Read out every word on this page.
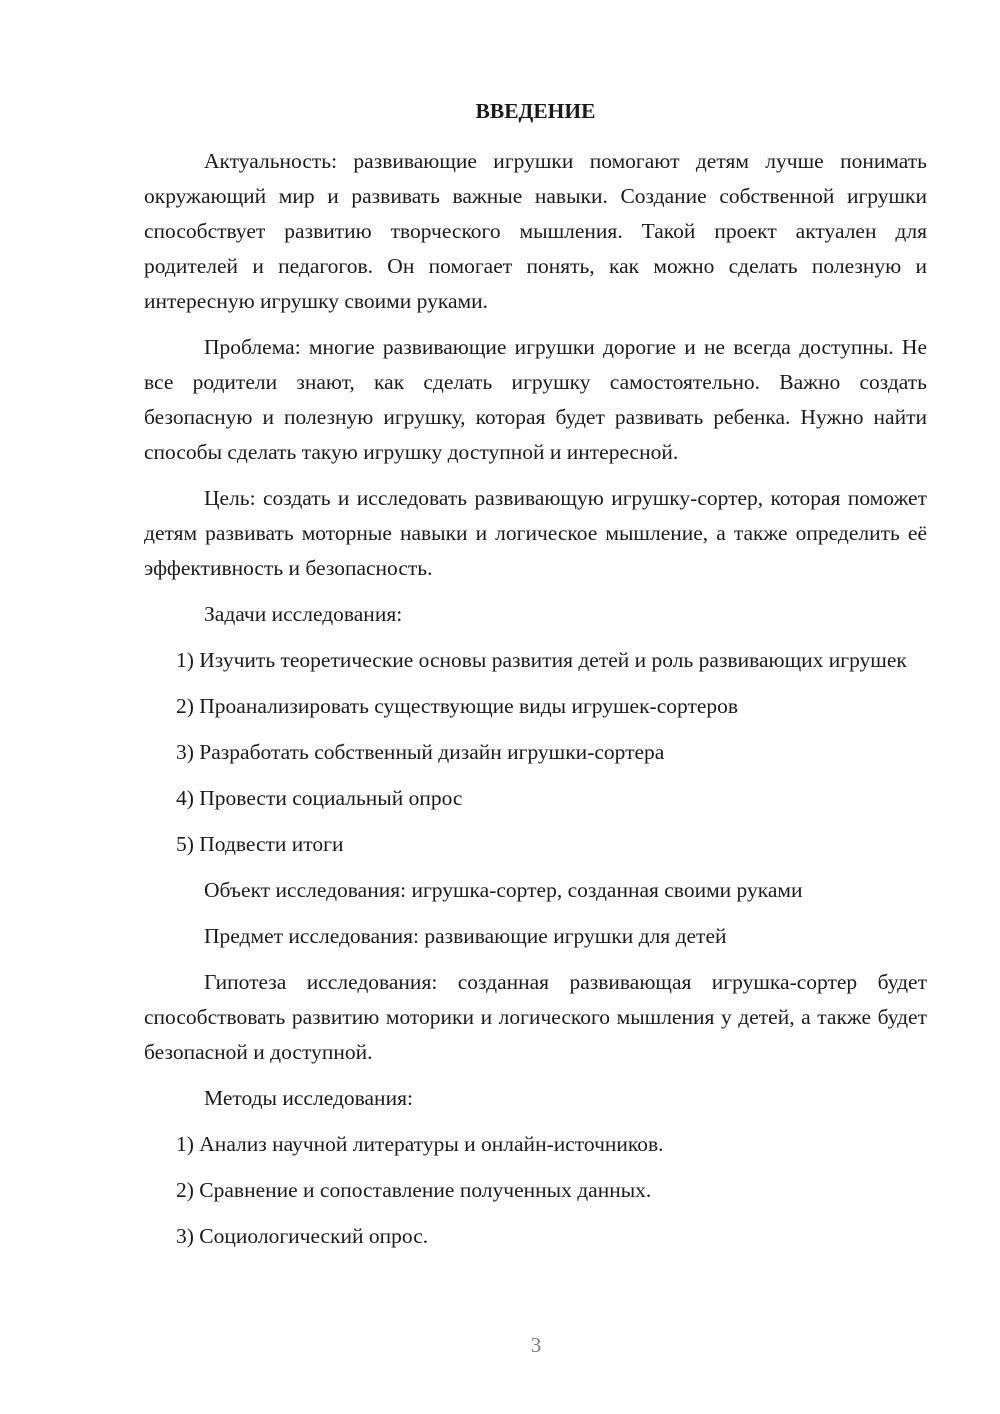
ВВЕДЕНИЕ

Актуальность: развивающие игрушки помогают детям лучше понимать окружающий мир и развивать важные навыки. Создание собственной игрушки способствует развитию творческого мышления. Такой проект актуален для родителей и педагогов. Он помогает понять, как можно сделать полезную и интересную игрушку своими руками.

Проблема: многие развивающие игрушки дорогие и не всегда доступны. Не все родители знают, как сделать игрушку самостоятельно. Важно создать безопасную и полезную игрушку, которая будет развивать ребенка. Нужно найти способы сделать такую игрушку доступной и интересной.

Цель: создать и исследовать развивающую игрушку-сортер, которая поможет детям развивать моторные навыки и логическое мышление, а также определить её эффективность и безопасность.

Задачи исследования:

1) Изучить теоретические основы развития детей и роль развивающих игрушек

2) Проанализировать существующие виды игрушек-сортеров

3) Разработать собственный дизайн игрушки-сортера

4) Провести социальный опрос

5) Подвести итоги

Объект исследования: игрушка-сортер, созданная своими руками

Предмет исследования: развивающие игрушки для детей

Гипотеза исследования: созданная развивающая игрушка-сортер будет способствовать развитию моторики и логического мышления у детей, а также будет безопасной и доступной.

Методы исследования:

1) Анализ научной литературы и онлайн-источников.

2) Сравнение и сопоставление полученных данных.

3) Социологический опрос.

3
